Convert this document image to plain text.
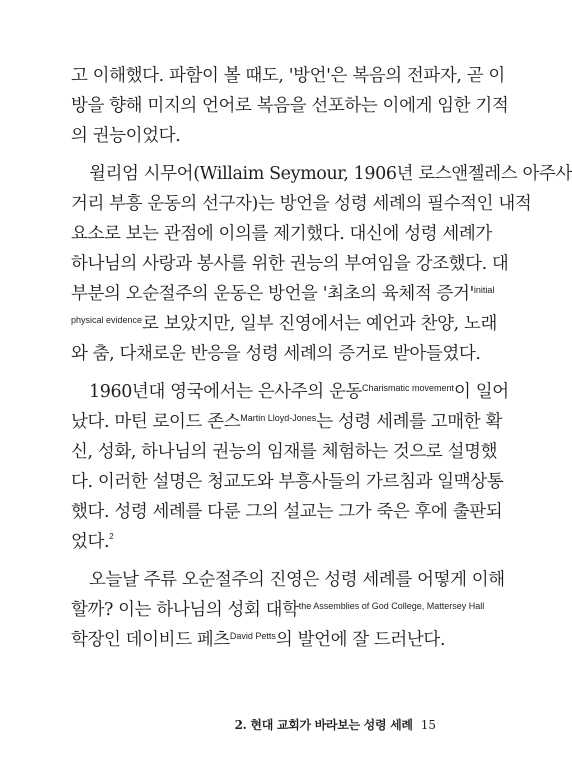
고 이해했다. 파함이 볼 때도, '방언'은 복음의 전파자, 곧 이
방을 향해 미지의 언어로 복음을 선포하는 이에게 임한 기적
의 권능이었다.
윌리엄 시무어(Willaim Seymour, 1906년 로스앤젤레스 아주사
거리 부흥 운동의 선구자)는 방언을 성령 세례의 필수적인 내적
요소로 보는 관점에 이의를 제기했다. 대신에 성령 세례가
하나님의 사랑과 봉사를 위한 권능의 부여임을 강조했다. 대
부분의 오순절주의 운동은 방언을 '최초의 육체적 증거'$^{initial}$
$^{physical evidence}$로 보았지만, 일부 진영에서는 예언과 찬양, 노래
와 춤, 다채로운 반응을 성령 세례의 증거로 받아들였다.
1960년대 영국에서는 은사주의 운동$^{Charismatic movement}$이 일어
났다. 마틴 로이드 존스$^{Martin Lloyd-Jones}$는 성령 세례를 고매한 확
신, 성화, 하나님의 권능의 임재를 체험하는 것으로 설명했
다. 이러한 설명은 청교도와 부흥사들의 가르침과 일맥상통
했다. 성령 세례를 다룬 그의 설교는 그가 죽은 후에 출판되
었다.$^2$
오늘날 주류 오순절주의 진영은 성령 세례를 어떻게 이해
할까? 이는 하나님의 성회 대학$^{the Assemblies of God College, Mattersey Hall}$
학장인 데이비드 페츠$^{David Petts}$의 발언에 잘 드러난다.
2. 현대 교회가 바라보는 성령 세례 15
